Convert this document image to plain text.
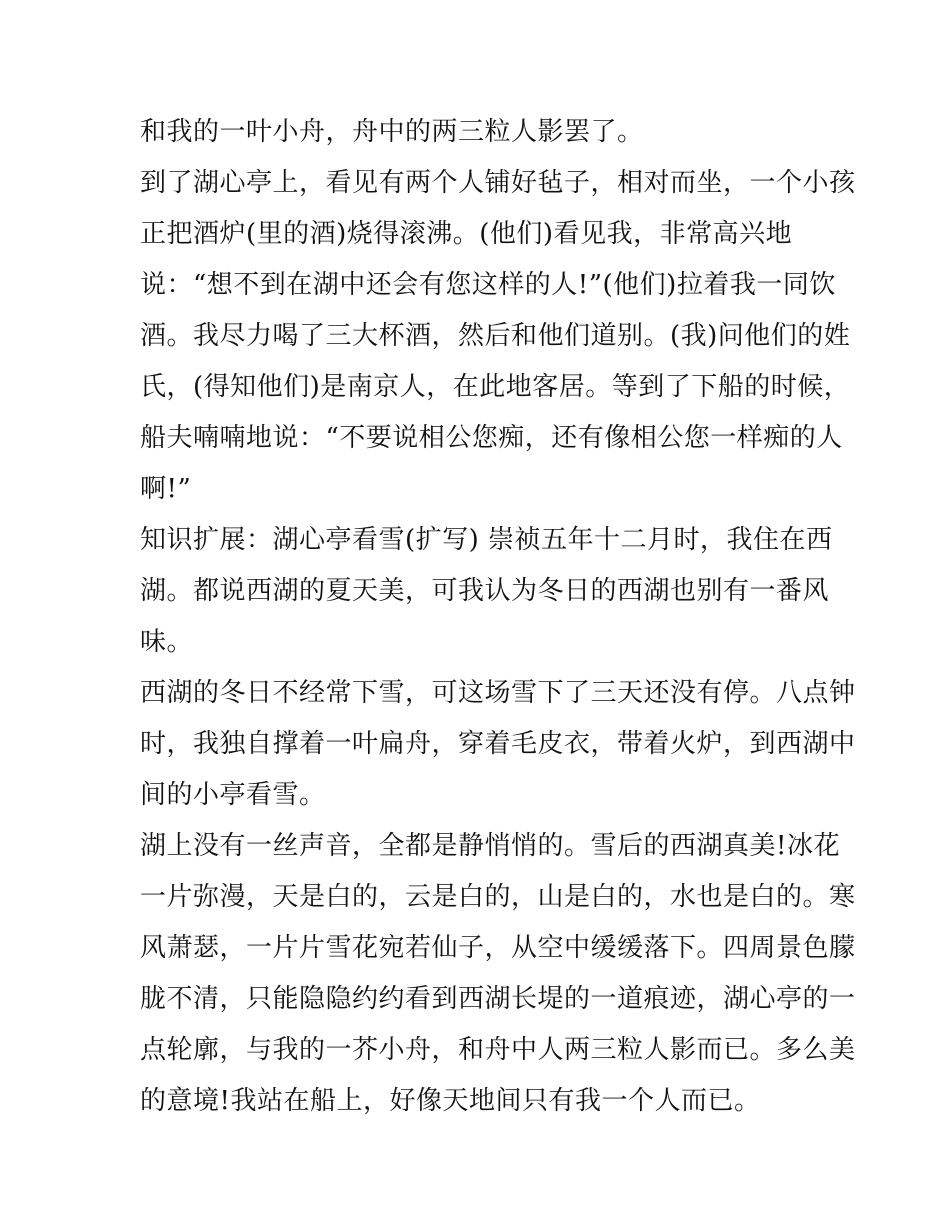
和我的一叶小舟，舟中的两三粒人影罢了。
到了湖心亭上，看见有两个人铺好毡子，相对而坐，一个小孩
正把酒炉(里的酒)烧得滚沸。(他们)看见我，非常高兴地
说：“想不到在湖中还会有您这样的人!”(他们)拉着我一同饮
酒。我尽力喝了三大杯酒，然后和他们道别。(我)问他们的姓
氏，(得知他们)是南京人，在此地客居。等到了下船的时候，
船夫喃喃地说：“不要说相公您痴，还有像相公您一样痴的人
啊!”
知识扩展：湖心亭看雪(扩写) 崇祯五年十二月时，我住在西
湖。都说西湖的夏天美，可我认为冬日的西湖也别有一番风
味。
西湖的冬日不经常下雪，可这场雪下了三天还没有停。八点钟
时，我独自撑着一叶扁舟，穿着毛皮衣，带着火炉，到西湖中
间的小亭看雪。
湖上没有一丝声音，全都是静悄悄的。雪后的西湖真美!冰花
一片弥漫，天是白的，云是白的，山是白的，水也是白的。寒
风萧瑟，一片片雪花宛若仙子，从空中缓缓落下。四周景色朦
胧不清，只能隐隐约约看到西湖长堤的一道痕迹，湖心亭的一
点轮廓，与我的一芥小舟，和舟中人两三粒人影而已。多么美
的意境!我站在船上，好像天地间只有我一个人而已。
